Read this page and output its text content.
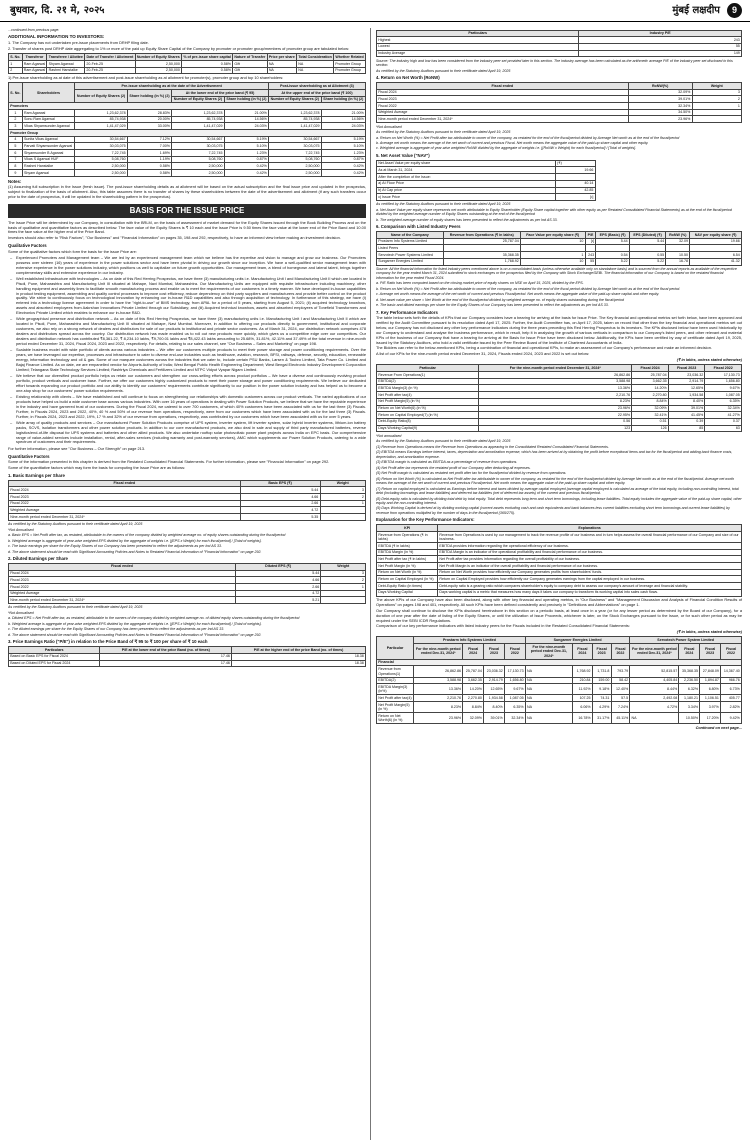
बुधवार, दि. २१ मे, २०२५	मुंबई लक्षदीप	9
...continued from previous page.
ADDITIONAL INFORMATION TO INVESTORS:

1. The Company has not undertaken pre-issue placements from DRHP filing date.

2. Transfer of shares post DRHP date aggregating to 1% or more of the paid up Equity Share Capital of the Company by promoter or promoter group/members of promoter group are tabulated below:

S. No.	Transferor	Transferee / Allottee	Date of Transfer / Allotment	Number of Equity Shares	% of pre-issue share capital	Nature of Transfer	Price per share	Total Consideration	Whether Related
1	Ram Agarwal	Shyam Agarwal	20-Feb-25	2,50,000	0.58%	Gift	NA	NA	Promoter Group
2	Ram Agarwal	Rashmi Hanstalke	20-Feb-25	2,50,000	0.58%	Gift	NA	NA	Promoter Group

1) Pre-issue shareholding as at date of this advertisement and post-issue shareholding as at allotment for promoter(s), promoter group and top 10 shareholders:

S. No.	Shareholders	Pre-issue shareholding as at the date of the Advertisement				Post-issue shareholding as at Allotment (3)	
		Number of Equity Shares (2)	Share holding (in %) (2)	At the lower end of the price band (₹ 95)		At the upper end of the price band (₹ 100)	
				Number of Equity Shares (2)	Share holding (in %) (2)	Number of Equity Shares (2)	Share holding (in %) (2)
Promoters							
1	Ram Agarwal	1,23,62,378	28.83%	1,23,62,378	21.00%	1,23,62,378	21.00%
2	Sonu Ram Agarwal	85,74,938	20.00%	85,74,938	14.56%	85,74,938	14.56%
3	Vikas Shyamsunder Agarwal	1,41,47,029	33.00%	1,41,47,029	24.03%	1,41,47,029	24.03%
Promoter Group							
4	Sunita Vikas Agarwal	30,54,667	7.12%	30,54,667	5.19%	30,54,667	5.19%
5	Parvati Shyamsunder Agarwal	30,03,075	7.00%	30,03,075	5.10%	30,03,075	5.10%
6	Shyamsunder B Agarwal	7,22,745	1.69%	7,22,745	1.23%	7,22,745	1.23%
7	Vikas S Agarwal HUF	5,08,760	1.19%	5,08,760	0.87%	5,08,760	0.87%
8	Rashmi Hanstalke	2,50,000	0.58%	2,50,000	0.42%	2,50,000	0.42%
9	Shyam Agarwal	2,50,000	0.58%	2,50,000	0.42%	2,50,000	0.42%
Notes:

(1) Assuming full subscription in the Issue (fresh issue). The post-issue shareholding details as at allotment will be based on the actual subscription and the final issue price and updated in the prospectus, subject to finalization of the basis of allotment. Also, this table assumes there is no transfer of shares by these shareholders between the date of the advertisement and allotment (if any such transfers occur prior to the date of prospectus, it will be updated in the shareholding pattern in the prospectus).

BASIS FOR THE ISSUE PRICE

The Issue Price will be determined by our Company, in consultation with the BRLM, on the basis of assessment of market demand for the Equity Shares issued through the Book Building Process and on the basis of qualitative and quantitative factors as described below. The face value of the Equity Shares is ₹ 10 each and the Issue Price is 9.50 times the face value at the lower end of the Price Band and 10.00 times the face value at the higher end of the Price Band.

Investors should also refer to "Risk Factors", "Our Business" and "Financial Information" on pages 35, 198 and 292, respectively, to have an informed view before making an investment decision.

Qualitative Factors

Some of the qualitative factors which form the basis for the issue Price are:

– Experienced Promoters and Management team – We are led by an experienced management team which we believe has the expertise and vision to manage and grow our business. Our Promoters possess over sixteen (16) years of experience in the power solutions sector and have been pivotal in driving our growth since our inception. We have a well-qualified senior management team with extensive experience in the power solutions industry, which positions us well to capitalize on future growth opportunities. Our management team, a blend of homegrown and lateral talent, brings together complementary skills and extensive experience in our industry.
– Well established infrastructure with technologies – As on date of this Red Herring Prospectus, we have three (3) manufacturing units i.e. Manufacturing Unit I and Manufacturing Unit II which are located in Pisoli, Pune, Maharashtra and Manufacturing Unit III situated at Mahape, Navi Mumbai, Maharashtra. Our Manufacturing Units are equipped with requisite infrastructure including machinery, other handling equipment and assembly lines to facilitate smooth manufacturing process and enable us to meet the requirements of our customers in a timely manner. We have developed in-house capabilities in product testing equipment, assembling and quality control processes to improve cost efficiency, reduce dependency on third party suppliers and manufacturers and provide better control on the product quality. We strive to continuously focus on technological innovation by enhancing our in-house R&D capabilities and also through acquisition of technology. In furtherance of this strategy, we have (i) entered into a technology license agreement in order to have the "right-to-use" of BMS technology, from APAL for a period of 5 years, starting from August 5, 2021; (ii) acquired technology knowhow, assets and absorbed employees from Aakrshan Innovations Private Limited through our Subsidiary; and (iii) Acquired technical knowhow, assets and absorbed employees of Tonefield Transformers and Electronics Private Limited which enables to enhance our in-house R&D.
– Wide geographical presence and distribution network – As on date of this Red Herring Prospectus, we have three (3) manufacturing units i.e. Manufacturing Unit I and Manufacturing Unit II which are located in Pisoli, Pune, Maharashtra and Manufacturing Unit III situated at Mahape, Navi Mumbai. Moreover, in addition to offering our products directly to government, institutional and corporate customers, we also rely on a strong network of dealers and distributors for sale of our products to institutional and private sector customers. As of March 31, 2024, our distribution network comprises 478 dealers and distributors spread across the country. Our distribution network has made enabled us to roll out new products more quickly, which gives us a competitive edge over our competitors. Our dealers and distribution network has contributed ₹8,361.22, ₹ 8,234.10 lakhs, ₹9,700.01 lakhs and ₹8,422.43 lakhs amounting to 25.68%, 31.81%, 42.11% and 37.49% of the total revenue in nine-month period ended December 31, 2024, Fiscal 2024, 2023 and 2022, respectively. For details, relating to our sales channel, see "Our Business – Sales and Marketing" on page 198.
– Scalable business model with wide portfolio of clients across various industries – We offer our customers multiple products to meet their power storage and power conditioning requirements. Over the years, we have leveraged our expertise, processes and infrastructure to cater to diverse end-use industries such as healthcare, aviation, research, BFSI, railways, defense, security, education, renewable energy, information technology and oil & gas. Some of our marquee customers across the industries that we cater to, include certain PSU Banks, Larsen & Toubro Limited, Tata Power Co. Limited and Bajaj Finance Limited. As on date, we are empanelled vendor for Airports Authority of India; West Bengal Public Health Engineering Department; West Bengal Electronic Industry Development Corporation Limited; Telangana State Technology Services Limited; Rashtriya Chemicals and Fertilizers Limited and NTPC Vidyut Vyapar Nigam Limited.
– We believe that our diversified product portfolio helps us retain our customers and strengthen our cross-selling efforts across product portfolios – We have a diverse and continuously evolving product portfolio, product verticals and customer base. Further, we offer our customers highly customized products to meet their power storage and power conditioning requirements. We believe our dedicated effort towards expanding our product portfolio and our ability to identify our customers' requirements contribute significantly to our position in the power solution industry and has helped us to become a one-stop shop for our customers' power solution requirements.
– Existing relationship with clients – We have established and will continue to focus on strengthening our relationships with domestic customers across our product verticals. The varied applications of our products have helped us build a wide customer base across various industries. With over 16 years of operations in dealing with Power Solution Products, we believe that we have the reputable experience in the industry and have garnered trust of our customers. During the Fiscal 2024, we catered to over 700 customers, of which 40% customers have been associated with us for the last three (3) Fiscals. Further, in Fiscals 2024, 2023 and 2022, 40%, 40 % and 50% of our revenue from operations, respectively, were from our customers which have been associated with us for the last three (3) Fiscals. Further, in Fiscals 2024, 2023 and 2022, 19%, 17 % and 32% of our revenue from operations, respectively, was contributed by our customers which have been associated with us for over 5 years.
– Wide array of quality products and services – Our manufactured Power Solution Products comprise of UPS system, inverter system, lift inverter system, solar hybrid inverter systems, lithium-ion battery packs, SCVS, isolation transformers and other power solution products. In addition to our core manufactured products, we also deal in sale and supply of third party manufactured batteries, reverse logistics/end-of-life disposal for UPS systems and batteries and other allied products. We also undertake rooftop solar photovoltaic power plant projects across India on EPC basis. Our comprehensive range of value-added services include installation, rental, after-sales services (including warranty and post-warranty services), AMC which supplements our Power Solution Products, catering to a wide spectrum of customers and their requirements.

For further information, please see "Our Business – Our Strength" on page 213.

Quantitative Factors

Some of the information presented in this chapter is derived from the Restated Consolidated Financial Statements. For further information, please see "Financial Information" on page 292.

Some of the quantitative factors which may form the basis for computing the Issue Price are as follows:

1. Basic Earnings per Share
Fiscal ended	Basic EPS (₹)	Weight
Fiscal 2024	5.44	3
Fiscal 2023	4.66	2
Fiscal 2022	2.66	1
Weighted Average	4.72	
Nine-month period ended December 31, 2024*	5.35	
As certified by the Statutory Auditors pursuant to their certificate dated April 19, 2025
*Not Annualised
a. Basic EPS = Net Profit after tax, as restated, attributable to the owners of the company divided by weighted average no. of equity shares outstanding during the fiscal/period
b. Weighted average is aggregate of year-wise weighted EPS divided by the aggregate of weights i.e. [(EPS x Weight) for each fiscal/period] / [Total of weights].
c. The basic earnings per share for the Equity Shares of our Company has been presented to reflect the adjustments as per Ind AS 33.
d. The above statement should be read with Significant Accounting Policies and Notes to Restated Financial Information of "Financial Information" on page 292.
2. Diluted Earnings per Share
Fiscal ended	Diluted EPS (₹)	Weight
Fiscal 2024	5.44	3
Fiscal 2023	4.66	2
Fiscal 2022	2.66	1
Weighted Average	4.72	
Nine-month period ended December 31, 2024*	5.21	
As certified by the Statutory Auditors pursuant to their certificate dated April 19, 2025
*Not Annualised
a. Diluted EPS = Net Profit after tax, as restated, attributable to the owners of the company divided by weighted average no. of diluted equity shares outstanding during the fiscal/period
b. Weighted average is aggregate of year-wise weighted EPS divided by the aggregate of weights i.e. [(EPS x Weight) for each fiscal/period] / [Total of weights].
c. The diluted earnings per share for the Equity Shares of our Company has been presented to reflect the adjustments as per Ind AS 33.
d. The above statement should be read with Significant Accounting Policies and Notes to Restated Financial Information of "Financial Information" on page 292.
3. Price Earnings Ratio ("P/E") in relation to the Price Band of ₹ 95 to ₹ 100 per share of ₹ 10 each
Particulars	P/E at the lower end of the price Band (no. of times)	P/E at the higher end of the price Band (no. of times)
Based on Basic EPS for Fiscal 2024	17.46	18.38
Based on Diluted EPS for Fiscal 2024	17.46	18.38
Particulars	Industry P/E
Highest	243
Lowest	55
Industry Average	149
Source: The industry high and low has been considered from the industry peer set provided later in this section. The industry average has been calculated as the arithmetic average P/E of the industry peer set disclosed in this section.
As certified by the Statutory Auditors pursuant to their certificate dated April 19, 2025
4. Return on Net Worth (RoNW)
Fiscal ended	RoNW(%)	Weight
Fiscal 2024	32.09%	3
Fiscal 2023	39.01%	2
Fiscal 2022	32.34%	1
Weighted Average	34.50%	
Nine-month period ended December 31, 2024*	23.96%	
*Not Annualised
As certified by the Statutory Auditors pursuant to their certificate dated April 19, 2025
a. Return on Net Worth (%) = Net Profit after tax attributable to owner of the company, as restated for the end of the fiscal/period divided by Average Net worth as at the end of the fiscal/period
b. Average net worth means the average of the net worth of current and previous Fiscal. Net worth means the aggregate value of the paid-up share capital and other equity.
c. Weighted average is aggregate of year-wise weighted RoNW divided by the aggregate of weights i.e. [(RoNW x Weight) for each fiscal/period] / [Total of weights].
5. Net Asset Value ("NAV")
Net Asset Value per equity share	(₹)
As at March 31, 2024	19.66
After the completion of the Issue:	
a) At Floor Price	40.14
b) At Cap price	42.85
c) Issue Price	[•]
As certified by the Statutory Auditors pursuant to their certificate dated April 19, 2025
a. Net Asset Value per equity share represents net worth attributable to Equity Shareholder (Equity Share capital together with other equity as per Restated Consolidated Financial Statements) as at the end of the fiscal/period divided by the weighted average number of Equity Shares outstanding at the end of the fiscal/period
b. The weighted average number of equity shares has been presented to reflect the adjustments as per Ind AS 33.
6. Comparison with Listed Industry Peers
Name of the Company	Revenue from Operations (₹ in lakhs)	Face Value per equity share (₹)	P/E	EPS (Basic) (₹)	EPS (Diluted) (₹)	RoNW (%)	NAV per equity share (₹)
Prostarm Info Systems Limited	25,787.04	10	[•]	5.44	5.44	32.09	19.66
Listed Peers							
Servotech Power Systems Limited	35,368.35	1	243	0.54	0.55	10.50	6.54
Sungarner Energies Limited	1,768.92	10	55	5.22	5.22	16.78	41.32
Source: All the financial information for listed industry peers mentioned above is on a consolidated basis (unless otherwise available only on standalone basis) and is sourced from the annual reports as available of the respective company for the year ended March 31, 2024 submitted to stock exchanges or the prospectus filed by the Company with Stock Exchange/SEBI. The financial information of our Company is based on the restated financial information for the year ended Fiscal 2024.
a. P/E Ratio has been computed based on the closing market price of equity shares on NSE on April 15, 2025, divided by the EPS.
b. Return on Net Worth (%) = Net Profit after tax attributable to owner of the company, as restated for the end of the fiscal period divided by Average Net worth as at the end of the fiscal period.
c. Average net worth means the average of the net worth of current and previous Fiscal/period. Net worth means the aggregate value of the paid-up share capital and other equity.
d. Net asset value per share = Net Worth at the end of the fiscal/period divided by weighted average no. of equity shares outstanding during the fiscal/period
e. The basic and diluted earnings per share for the Equity Shares of our Company has been presented to reflect the adjustments as per Ind AS 33.
7. Key Performance Indicators

The table below sets forth the details of KPIs that our Company considers have a bearing for arriving at the basis for Issue Price. The Key financial and operational metrics set forth below, have been approved and verified by the Audit Committee pursuant to its resolution dated April 17, 2025. Further, the Audit Committee has, on April 17, 2025, taken on record that other than the key financial and operational metrics set out below, our Company has not disclosed any other key performance indicators during the three years preceding this Red Herring Prospectus to its investors. The KPIs disclosed below have been used historically by our Company to understand and analyse the business performance, which in result, help it in analysing the growth of various verticals in comparison to our Company's listed peers, and other relevant and material KPIs of the business of our Company that have a bearing for arriving at the Basis for Issue Price have been disclosed below. Additionally, the KPIs have been certified by way of certificate dated April 19, 2025, issued by the Statutory Auditors, who hold a valid certificate issued by the Peer Review Board of the Institute of Chartered Accountants of India.

The Bidders can refer to the below-mentioned KPIs, being a combination of financial and operational KPIs, to make an assessment of our Company's performance and make an informed decision.

A list of our KPIs for the nine-month period ended December 31, 2024, Fiscals ended 2024, 2023 and 2022 is set out below:

(₹ in lakhs, unless stated otherwise)
Particular	For the nine-month period ended December 31, 2024*	Fiscal 2024	Fiscal 2023	Fiscal 2022
Revenue From Operations(1)	26,862.86	25,787.04	23,036.32	17,130.73
EBITDA(2)	3,588.98	3,662.35	2,914.79	1,656.80
EBITDA Margin(3) (in %)	13.36%	14.20%	12.65%	9.67%
Net Profit after tax(4)	2,210.76	2,270.80	1,934.58	1,087.05
Net Profit Margin(5) (in %)	8.23%	8.84%	8.40%	6.35%
Return on Net Worth(6) (in %)	23.96%	32.09%	39.01%	32.34%
Return on Capital Employed(7) (in %)	22.95%	32.41%	41.45%	41.27%
Debt-Equity Ratio(8)	0.56	0.51	0.39	0.37
Days Working Capital(9)	123	126	85	63
*Not annualised
As certified by the Statutory Auditors pursuant to their certificate dated April 19, 2025
(1) Revenue from Operations means the Revenue from Operations as appearing in the Consolidated Restated Consolidated Financial Statements.
(2) EBITDA means Earnings before interest, taxes, depreciation and amortization expense, which has been arrived at by obtaining the profit before exceptional items and tax for the fiscal/period and adding back finance costs, depreciation, and amortization expense.
(3) EBITDA margin is calculated as EBITDA as a percentage of revenue from operations.
(4) Net Profit after tax represents the restated profit of our Company after deducting all expenses.
(5) Net Profit margin is calculated as restated net profit after tax for the fiscal/period divided by revenue from operations.
(6) Return on Net Worth (%) is calculated as Net Profit after tax attributable to owner of the company, as restated for the end of the fiscal/period divided by Average Net worth as at the end of the fiscal/period. Average net worth means the average of the net worth of current and previous Fiscal/period. Net worth means the aggregate value of the paid-up share capital and other equity.
(7) Return on capital employed is calculated as Earnings before interest and taxes divided by average capital employed (average capital employed is calculated as average of the total equity, including non-controlling interest, total debt (including borrowings and lease liabilities) and deferred tax liabilities (net of deferred tax assets) of the current and previous fiscal/period.
(8) Debt-equity ratio is calculated by dividing total debt by total equity. Total debt represents long term and short term borrowings, including lease liabilities. Total equity includes the aggregate value of the paid-up share capital, other equity and the non-controlling interest.
(9) Days Working Capital is derived at by dividing working capital (current assets excluding cash and cash equivalents and bank balances less current liabilities excluding short term borrowings and current lease liabilities) by revenue from operations multiplied by the number of days in the fiscal/period (365/275).
Explanation for the Key Performance Indicators:
KPI	Explanations
Revenue from Operations (₹ in lakhs)	Revenue from Operations is used by our management to track the revenue profile of our business and in turn helps assess the overall financial performance of our Company and size of our business.
EBITDA (₹ in lakhs)	EBITDA provides information regarding the operational efficiency of our business.
EBITDA Margin (in %)	EBITDA Margin is an indicator of the operational profitability and financial performance of our business.
Net Profit after tax (₹ in lakhs)	Net Profit after tax provides information regarding the overall profitability of our business.
Net Profit Margin (in %)	Net Profit Margin is an indicator of the overall profitability and financial performance of our business.
Return on Net Worth (in %)	Return on Net Worth provides how efficiently our Company generates profits from shareholders' funds.
Return on Capital Employed (in %)	Return on Capital Employed provides how efficiently our Company generates earnings from the capital employed in our business.
Debt-Equity Ratio (in times)	Debt-equity ratio is a gearing ratio which compares shareholder's equity to company debt to assess our company's amount of leverage and financial stability.
Days Working Capital	Days working capital is a metric that measures how many days it takes our company to transform its working capital into sales cash flows.

The above KPIs of our Company have also been disclosed, along with other key financial and operating metrics, in "Our Business" and "Management Discussion and Analysis of Financial Condition Results of Operations" on pages 198 and 401, respectively. All such KPIs have been defined consistently and precisely in "Definitions and Abbreviations" on page 1.

Our Company shall continue to disclose the KPIs disclosed hereinabove in this section on a periodic basis, at least once in a year (or for any lesser period as determined by the Board of our Company), for a duration of one year after the date of listing of the Equity Shares, or until the utilization of Issue Proceeds, whichever is later, on the Stock Exchanges pursuant to the Issue, or for such other period as may be required under the SEBI ICDR Regulations.

Comparison of our key performance indicators with listed industry peers for the Fiscals included in the Restated Consolidated Financial Statements:

(₹ in lakhs, unless stated otherwise)
Particular	Prostarm Info Systems Limited				Sungarner Energies Limited				Servotech Power System Limited			
	For the nine-month period ended Dec.31, 2024*	Fiscal 2024	Fiscal 2023	Fiscal 2022	For the nine-month period ended Dec.31, 2024*	Fiscal 2024	Fiscal 2023	Fiscal 2022	For the nine-month period ended Dec.31, 2024*	Fiscal 2024	Fiscal 2023	Fiscal 2022
Financial												
Revenue from Operations(1)	26,862.86	25,787.04	23,036.32	17,130.73	NA	1,768.92	1,731.8	793.79	52,815.57	35,368.35	27,848.09	14,367.40
EBITDA(2)	3,588.98	3,662.35	2,914.79	1,656.80	NA	210.84	159.00	58.42	4,405.84	2,236.50	1,894.87	966.76
EBITDA Margin(3) (in%)	13.36%	14.20%	12.65%	9.67%	NA	11.92%	9.18%	12.40%	8.44%	6.32%	6.80%	6.73%
Net Profit after tax(4)	2,210.76	2,270.80	1,934.58	1,087.05	NA	107.25	74.31	57.5	2,492.08	1,180.21	1,106.51	405.77
Net Profit Margin(5) (in %)	8.23%	8.84%	8.40%	6.35%	NA	6.06%	4.29%	7.24%	4.72%	3.34%	3.97%	2.82%
Return on Net Worth(6) (in %)	23.96%	32.09%	39.01%	32.34%	NA	16.78%	31.17%	45.11%	NA	10.50%	17.20%	9.42%
Continued on next page...
